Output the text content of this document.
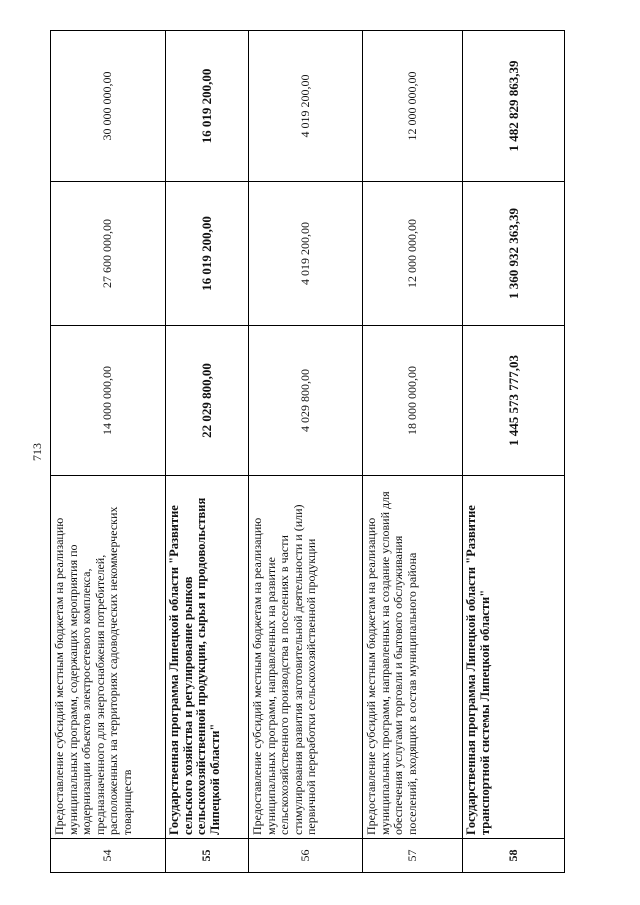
713
54	Предоставление субсидий местным бюджетам на реализацию муниципальных программ, содержащих мероприятия по модернизации объектов электросетевого комплекса, предназначенного для энергоснабжения потребителей, расположенных на территориях садоводческих некоммерческих товариществ	14 000 000,00	27 600 000,00	30 000 000,00
55	Государственная программа Липецкой области "Развитие сельского хозяйства и регулирование рынков сельскохозяйственной продукции, сырья и продовольствия Липецкой области"	22 029 800,00	16 019 200,00	16 019 200,00
56	Предоставление субсидий местным бюджетам на реализацию муниципальных программ, направленных на развитие сельскохозяйственного производства в поселениях в части стимулирования развития заготовительной деятельности и (или) первичной переработки сельскохозяйственной продукции	4 029 800,00	4 019 200,00	4 019 200,00
57	Предоставление субсидий местным бюджетам на реализацию муниципальных программ, направленных на создание условий для обеспечения услугами торговли и бытового обслуживания поселений, входящих в состав муниципального района	18 000 000,00	12 000 000,00	12 000 000,00
58	Государственная программа Липецкой области "Развитие транспортной системы Липецкой области"	1 445 573 777,03	1 360 932 363,39	1 482 829 863,39
